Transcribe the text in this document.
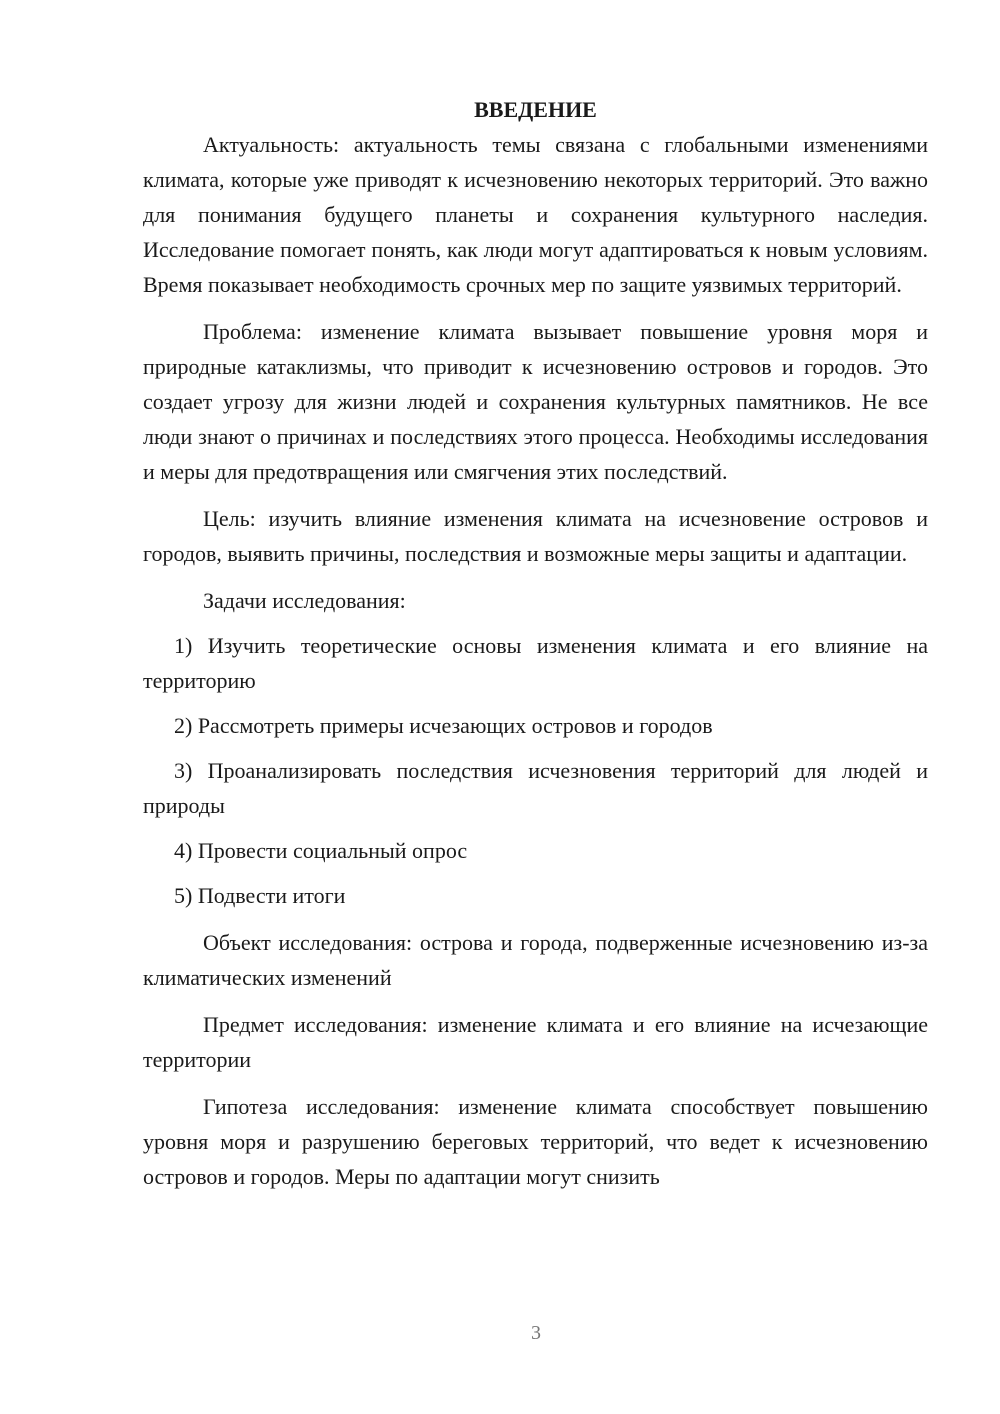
ВВЕДЕНИЕ

Актуальность: актуальность темы связана с глобальными изменениями климата, которые уже приводят к исчезновению некоторых территорий. Это важно для понимания будущего планеты и сохранения культурного наследия. Исследование помогает понять, как люди могут адаптироваться к новым условиям. Время показывает необходимость срочных мер по защите уязвимых территорий.

Проблема: изменение климата вызывает повышение уровня моря и природные катаклизмы, что приводит к исчезновению островов и городов. Это создает угрозу для жизни людей и сохранения культурных памятников. Не все люди знают о причинах и последствиях этого процесса. Необходимы исследования и меры для предотвращения или смягчения этих последствий.

Цель: изучить влияние изменения климата на исчезновение островов и городов, выявить причины, последствия и возможные меры защиты и адаптации.

Задачи исследования:

1) Изучить теоретические основы изменения климата и его влияние на территорию

2) Рассмотреть примеры исчезающих островов и городов

3) Проанализировать последствия исчезновения территорий для людей и природы

4) Провести социальный опрос

5) Подвести итоги

Объект исследования: острова и города, подверженные исчезновению из-за климатических изменений

Предмет исследования: изменение климата и его влияние на исчезающие территории

Гипотеза исследования: изменение климата способствует повышению уровня моря и разрушению береговых территорий, что ведет к исчезновению островов и городов. Меры по адаптации могут снизить

3
